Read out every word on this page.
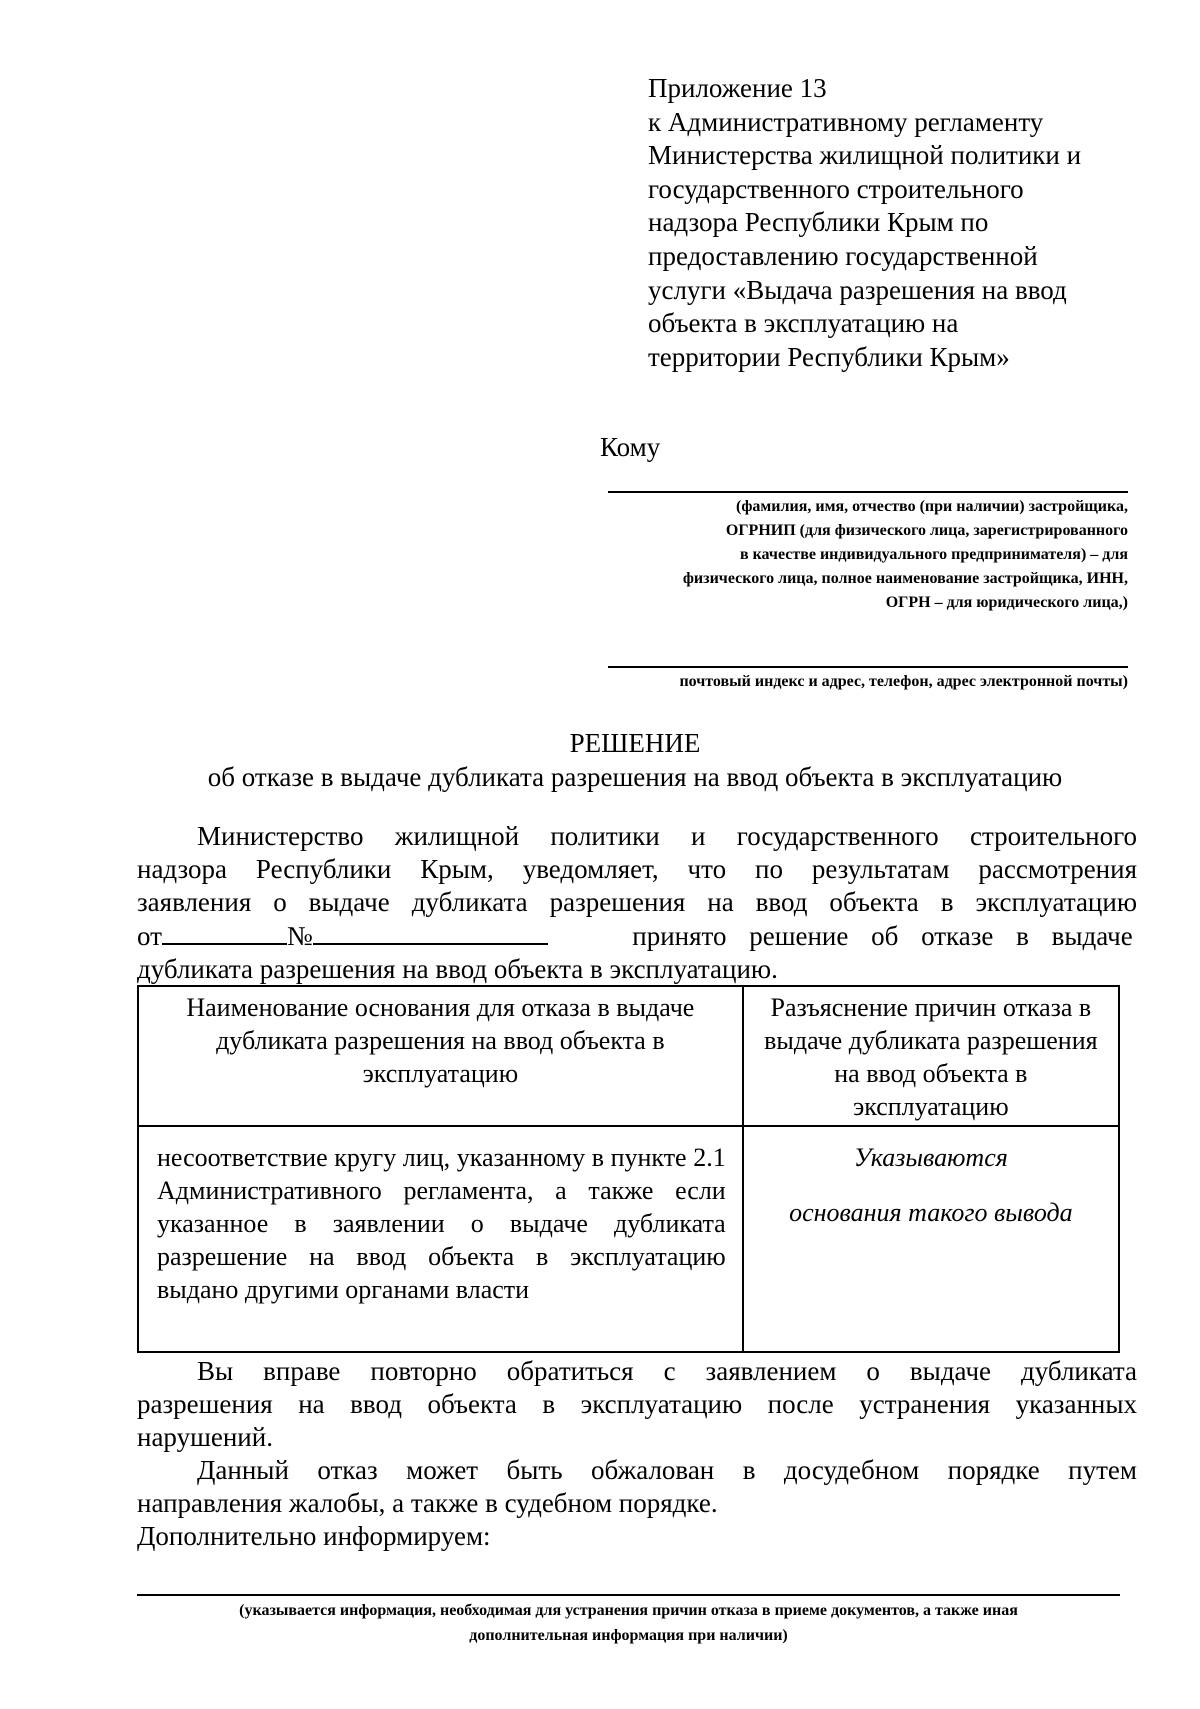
Приложение 13
к Административному регламенту
Министерства жилищной политики и
государственного строительного
надзора Республики Крым по
предоставлению государственной
услуги «Выдача разрешения на ввод
объекта в эксплуатацию на
территории Республики Крым»
Кому
(фамилия, имя, отчество (при наличии) застройщика,
ОГРНИП (для физического лица, зарегистрированного
в качестве индивидуального предпринимателя) – для
физического лица, полное наименование застройщика, ИНН,
ОГРН – для юридического лица,)
почтовый индекс и адрес, телефон, адрес электронной почты)
РЕШЕНИЕ
об отказе в выдаче дубликата разрешения на ввод объекта в эксплуатацию
Министерство жилищной политики и государственного строительного
надзора Республики Крым, уведомляет, что по результатам рассмотрения
заявления о выдаче дубликата разрешения на ввод объекта в эксплуатацию
от	№	принято решение об отказе в выдаче
дубликата разрешения на ввод объекта в эксплуатацию.
Наименование основания для отказа в выдаче дубликата разрешения на ввод объекта в эксплуатацию	Разъяснение причин отказа в выдаче дубликата разрешения на ввод объекта в эксплуатацию

несоответствие кругу лиц, указанному в пункте 2.1 Административного регламента, а также если указанное в заявлении о выдаче дубликата разрешение на ввод объекта в эксплуатацию выдано другими органами власти	Указываются

основания такого вывода

Вы вправе повторно обратиться с заявлением о выдаче дубликата
разрешения на ввод объекта в эксплуатацию после устранения указанных
нарушений.
Данный отказ может быть обжалован в досудебном порядке путем
направления жалобы, а также в судебном порядке.
Дополнительно информируем:
(указывается информация, необходимая для устранения причин отказа в приеме документов, а также иная
дополнительная информация при наличии)
